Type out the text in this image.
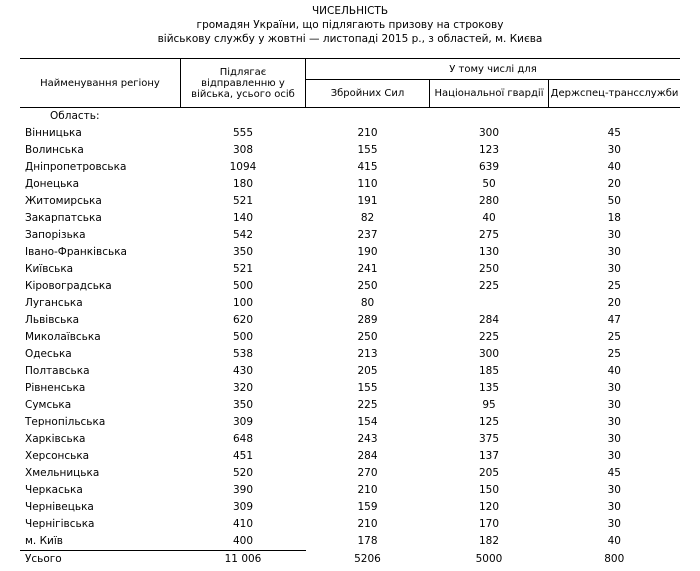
ЧИСЕЛЬНІСТЬ
громадян України, що підлягають призову на строкову
військову службу у жовтні — листопаді 2015 р., з областей, м. Києва
Найменування регіону	Підлягає відправленню у війська, усього осіб	У тому числі для		
		Збройних Сил	Національної гвардії	Держспец-трансслужби
Область:				
Вінницька	555	210	300	45
Волинська	308	155	123	30
Дніпропетровська	1094	415	639	40
Донецька	180	110	50	20
Житомирська	521	191	280	50
Закарпатська	140	82	40	18
Запорізька	542	237	275	30
Івано-Франківська	350	190	130	30
Київська	521	241	250	30
Кіровоградська	500	250	225	25
Луганська	100	80		20
Львівська	620	289	284	47
Миколаївська	500	250	225	25
Одеська	538	213	300	25
Полтавська	430	205	185	40
Рівненська	320	155	135	30
Сумська	350	225	95	30
Тернопільська	309	154	125	30
Харківська	648	243	375	30
Херсонська	451	284	137	30
Хмельницька	520	270	205	45
Черкаська	390	210	150	30
Чернівецька	309	159	120	30
Чернігівська	410	210	170	30
м. Київ	400	178	182	40
Усього	11 006	5206	5000	800
